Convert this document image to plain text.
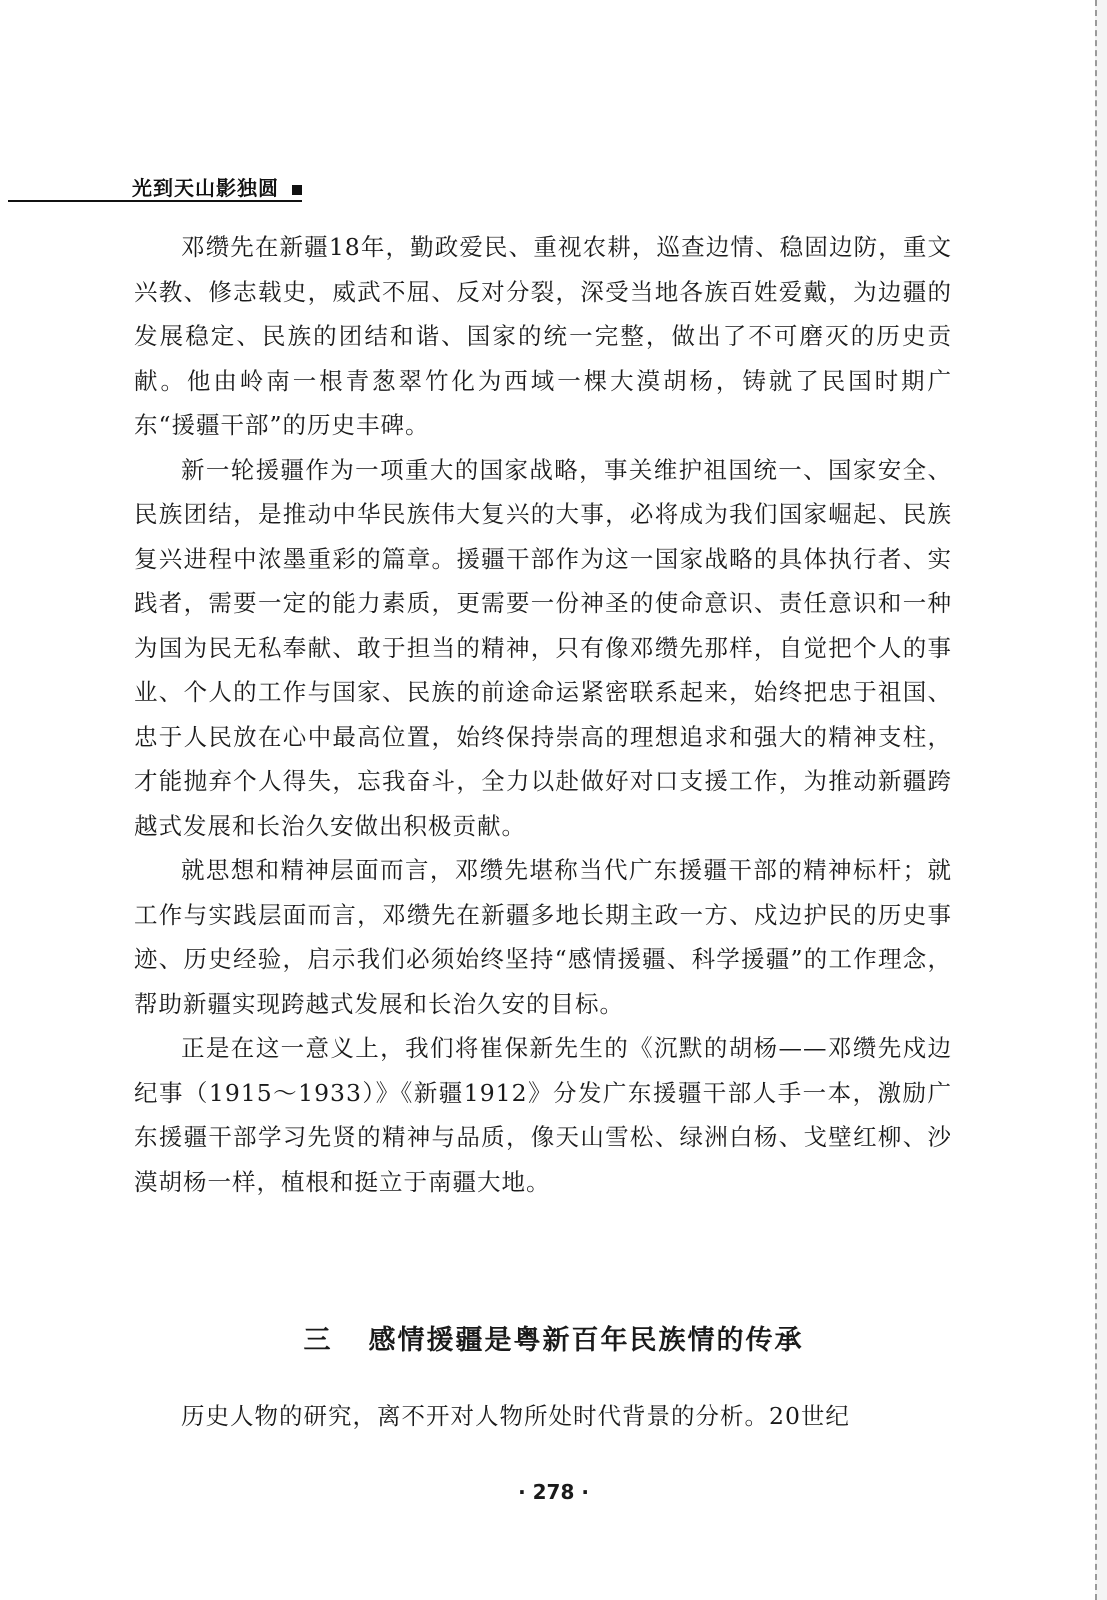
光到天山影独圆

邓缵先在新疆18年，勤政爱民、重视农耕，巡查边情、稳固边防，重文兴教、修志载史，威武不屈、反对分裂，深受当地各族百姓爱戴，为边疆的发展稳定、民族的团结和谐、国家的统一完整，做出了不可磨灭的历史贡献。他由岭南一根青葱翠竹化为西域一棵大漠胡杨，铸就了民国时期广东“援疆干部”的历史丰碑。

新一轮援疆作为一项重大的国家战略，事关维护祖国统一、国家安全、民族团结，是推动中华民族伟大复兴的大事，必将成为我们国家崛起、民族复兴进程中浓墨重彩的篇章。援疆干部作为这一国家战略的具体执行者、实践者，需要一定的能力素质，更需要一份神圣的使命意识、责任意识和一种为国为民无私奉献、敢于担当的精神，只有像邓缵先那样，自觉把个人的事业、个人的工作与国家、民族的前途命运紧密联系起来，始终把忠于祖国、忠于人民放在心中最高位置，始终保持崇高的理想追求和强大的精神支柱，才能抛弃个人得失，忘我奋斗，全力以赴做好对口支援工作，为推动新疆跨越式发展和长治久安做出积极贡献。

就思想和精神层面而言，邓缵先堪称当代广东援疆干部的精神标杆；就工作与实践层面而言，邓缵先在新疆多地长期主政一方、戍边护民的历史事迹、历史经验，启示我们必须始终坚持“感情援疆、科学援疆”的工作理念，帮助新疆实现跨越式发展和长治久安的目标。

正是在这一意义上，我们将崔保新先生的《沉默的胡杨——邓缵先戍边纪事（1915～1933）》《新疆1912》分发广东援疆干部人手一本，激励广东援疆干部学习先贤的精神与品质，像天山雪松、绿洲白杨、戈壁红柳、沙漠胡杨一样，植根和挺立于南疆大地。

三 感情援疆是粤新百年民族情的传承

历史人物的研究，离不开对人物所处时代背景的分析。20世纪

· 278 ·
